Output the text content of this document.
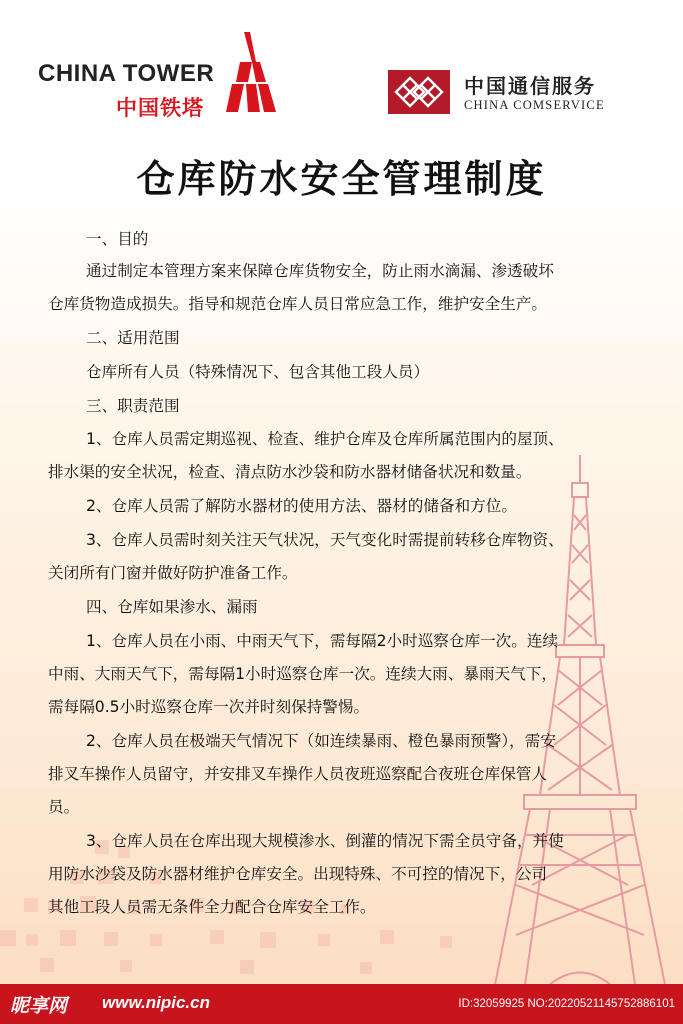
CHINA TOWER
中国铁塔
中国通信服务
CHINA COMSERVICE
仓库防水安全管理制度
一、目的
通过制定本管理方案来保障仓库货物安全，防止雨水滴漏、渗透破坏
仓库货物造成损失。指导和规范仓库人员日常应急工作，维护安全生产。
二、适用范围
仓库所有人员（特殊情况下、包含其他工段人员）
三、职责范围
1、仓库人员需定期巡视、检查、维护仓库及仓库所属范围内的屋顶、
排水渠的安全状况，检查、清点防水沙袋和防水器材储备状况和数量。
2、仓库人员需了解防水器材的使用方法、器材的储备和方位。
3、仓库人员需时刻关注天气状况，天气变化时需提前转移仓库物资、
关闭所有门窗并做好防护准备工作。
四、仓库如果渗水、漏雨
1、仓库人员在小雨、中雨天气下，需每隔2小时巡察仓库一次。连续
中雨、大雨天气下，需每隔1小时巡察仓库一次。连续大雨、暴雨天气下，
需每隔0.5小时巡察仓库一次并时刻保持警惕。
2、仓库人员在极端天气情况下（如连续暴雨、橙色暴雨预警），需安
排叉车操作人员留守，并安排叉车操作人员夜班巡察配合夜班仓库保管人
员。
3、仓库人员在仓库出现大规模渗水、倒灌的情况下需全员守备，并使
用防水沙袋及防水器材维护仓库安全。出现特殊、不可控的情况下，公司
其他工段人员需无条件全力配合仓库安全工作。
昵享网 www.nipic.cn	ID:32059925 NO:20220521145752886101
